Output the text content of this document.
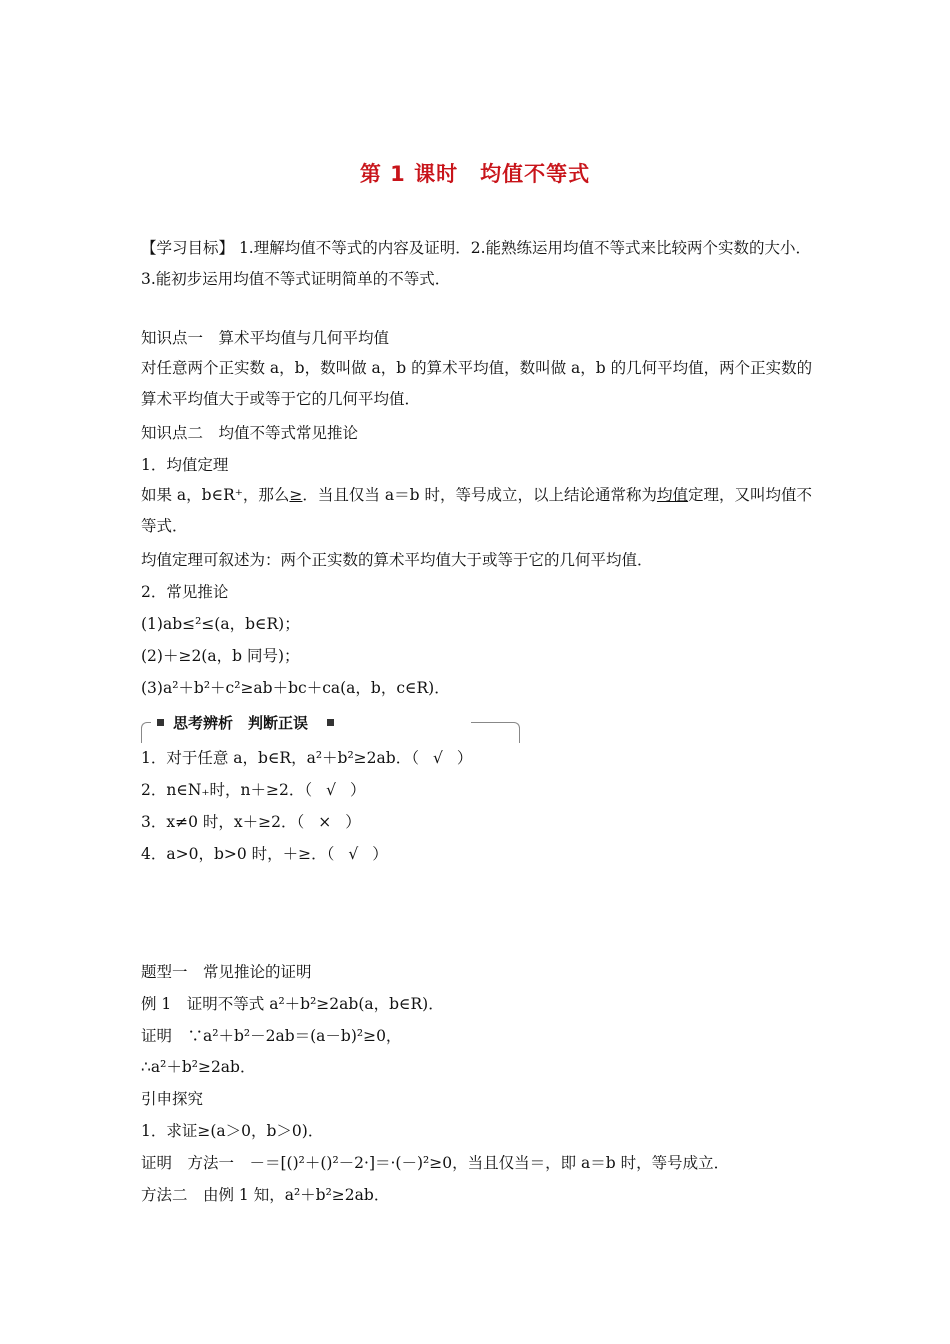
第 1 课时　均值不等式
【学习目标】 1.理解均值不等式的内容及证明．2.能熟练运用均值不等式来比较两个实数的大小．3.能初步运用均值不等式证明简单的不等式．
知识点一　算术平均值与几何平均值
对任意两个正实数 a，b，数叫做 a，b 的算术平均值，数叫做 a，b 的几何平均值，两个正实数的算术平均值大于或等于它的几何平均值．
知识点二　均值不等式常见推论
1．均值定理
如果 a，b∈R⁺，那么≥．当且仅当 a＝b 时，等号成立，以上结论通常称为均值定理，又叫均值不等式．
均值定理可叙述为：两个正实数的算术平均值大于或等于它的几何平均值．
2．常见推论
(1)ab≤²≤(a，b∈R)；
(2)＋≥2(a，b 同号)；
(3)a²＋b²＋c²≥ab＋bc＋ca(a，b，c∈R)．
思考辨析　判断正误
1．对于任意 a，b∈R，a²＋b²≥2ab．（ √ ）
2．n∈N₊时，n＋≥2．（ √ ）
3．x≠0 时，x＋≥2．（ × ）
4．a>0，b>0 时，＋≥．（ √ ）
题型一　常见推论的证明
例 1　证明不等式 a²＋b²≥2ab(a，b∈R)．
证明　∵a²＋b²－2ab＝(a－b)²≥0，
∴a²＋b²≥2ab．
引申探究
1．求证≥(a＞0，b＞0)．
证明　方法一　－＝[()²＋()²－2·]＝·(－)²≥0，当且仅当＝，即 a＝b 时，等号成立．
方法二　由例 1 知，a²＋b²≥2ab．
